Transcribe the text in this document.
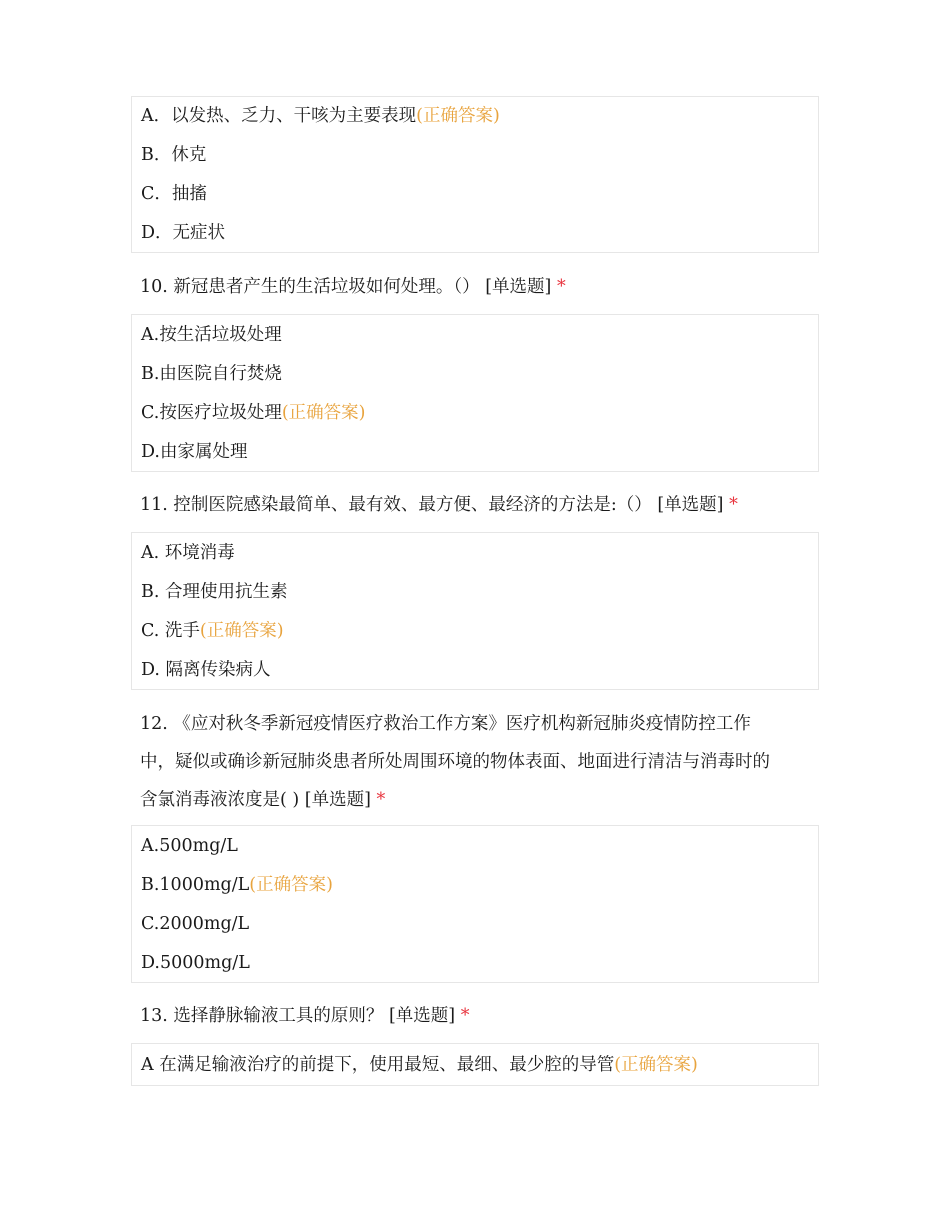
A．以发热、乏力、干咳为主要表现 (正确答案)
B．休克
C．抽搐
D．无症状
10. 新冠患者产生的生活垃圾如何处理。（） [单选题] *
A.按生活垃圾处理
B.由医院自行焚烧
C.按医疗垃圾处理 (正确答案)
D.由家属处理
11. 控制医院感染最简单、最有效、最方便、最经济的方法是:（） [单选题] *
A. 环境消毒
B. 合理使用抗生素
C. 洗手 (正确答案)
D. 隔离传染病人
12. 《应对秋冬季新冠疫情医疗救治工作方案》医疗机构新冠肺炎疫情防控工作
中，疑似或确诊新冠肺炎患者所处周围环境的物体表面、地面进行清洁与消毒时的
含氯消毒液浓度是( ) [单选题] *
A.500mg/L
B.1000mg/L (正确答案)
C.2000mg/L
D.5000mg/L
13. 选择静脉输液工具的原则？ [单选题] *
A 在满足输液治疗的前提下，使用最短、最细、最少腔的导管 (正确答案)
